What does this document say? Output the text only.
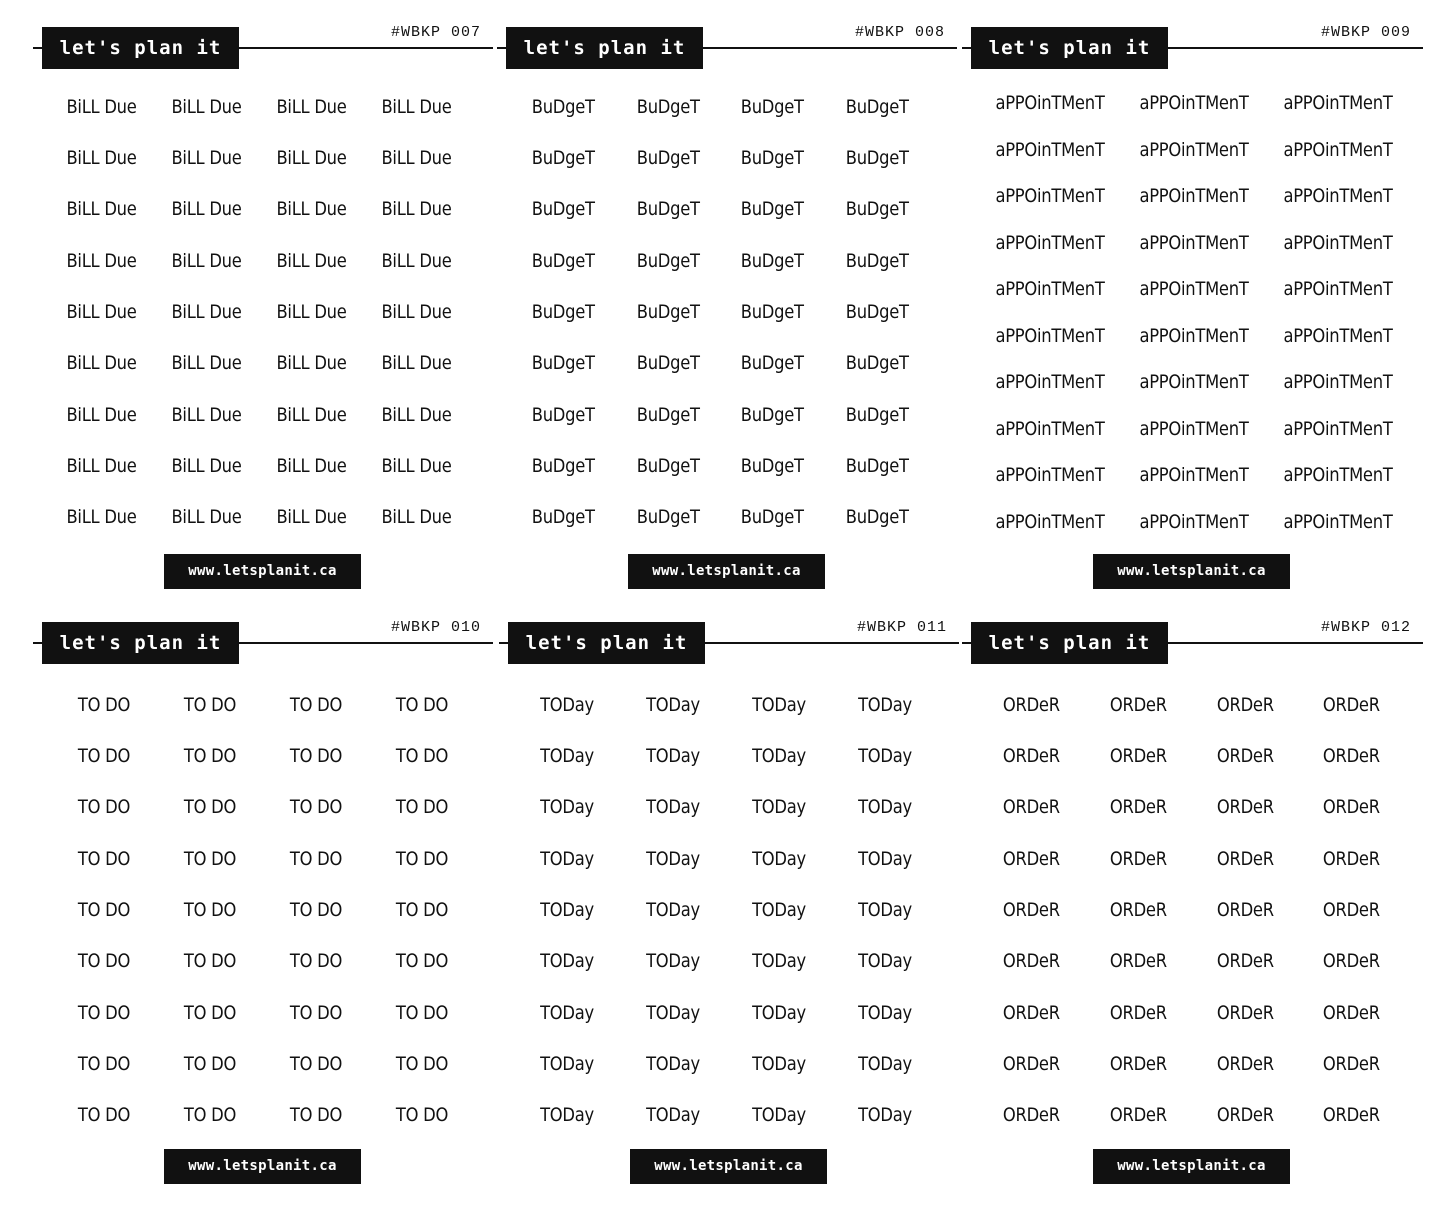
let's plan it
#WBKP 007
BiLL Due	BiLL Due	BiLL Due	BiLL Due
BiLL Due	BiLL Due	BiLL Due	BiLL Due
BiLL Due	BiLL Due	BiLL Due	BiLL Due
BiLL Due	BiLL Due	BiLL Due	BiLL Due
BiLL Due	BiLL Due	BiLL Due	BiLL Due
BiLL Due	BiLL Due	BiLL Due	BiLL Due
BiLL Due	BiLL Due	BiLL Due	BiLL Due
BiLL Due	BiLL Due	BiLL Due	BiLL Due
BiLL Due	BiLL Due	BiLL Due	BiLL Due
www.letsplanit.ca
let's plan it
#WBKP 008
BuDgeT	BuDgeT	BuDgeT	BuDgeT
BuDgeT	BuDgeT	BuDgeT	BuDgeT
BuDgeT	BuDgeT	BuDgeT	BuDgeT
BuDgeT	BuDgeT	BuDgeT	BuDgeT
BuDgeT	BuDgeT	BuDgeT	BuDgeT
BuDgeT	BuDgeT	BuDgeT	BuDgeT
BuDgeT	BuDgeT	BuDgeT	BuDgeT
BuDgeT	BuDgeT	BuDgeT	BuDgeT
BuDgeT	BuDgeT	BuDgeT	BuDgeT
www.letsplanit.ca
let's plan it
#WBKP 009
aPPOinTMenT	aPPOinTMenT	aPPOinTMenT
aPPOinTMenT	aPPOinTMenT	aPPOinTMenT
aPPOinTMenT	aPPOinTMenT	aPPOinTMenT
aPPOinTMenT	aPPOinTMenT	aPPOinTMenT
aPPOinTMenT	aPPOinTMenT	aPPOinTMenT
aPPOinTMenT	aPPOinTMenT	aPPOinTMenT
aPPOinTMenT	aPPOinTMenT	aPPOinTMenT
aPPOinTMenT	aPPOinTMenT	aPPOinTMenT
aPPOinTMenT	aPPOinTMenT	aPPOinTMenT
aPPOinTMenT	aPPOinTMenT	aPPOinTMenT
www.letsplanit.ca
let's plan it
#WBKP 010
TO DO	TO DO	TO DO	TO DO
TO DO	TO DO	TO DO	TO DO
TO DO	TO DO	TO DO	TO DO
TO DO	TO DO	TO DO	TO DO
TO DO	TO DO	TO DO	TO DO
TO DO	TO DO	TO DO	TO DO
TO DO	TO DO	TO DO	TO DO
TO DO	TO DO	TO DO	TO DO
TO DO	TO DO	TO DO	TO DO
www.letsplanit.ca
let's plan it
#WBKP 011
TODay	TODay	TODay	TODay
TODay	TODay	TODay	TODay
TODay	TODay	TODay	TODay
TODay	TODay	TODay	TODay
TODay	TODay	TODay	TODay
TODay	TODay	TODay	TODay
TODay	TODay	TODay	TODay
TODay	TODay	TODay	TODay
TODay	TODay	TODay	TODay
www.letsplanit.ca
let's plan it
#WBKP 012
ORDeR	ORDeR	ORDeR	ORDeR
ORDeR	ORDeR	ORDeR	ORDeR
ORDeR	ORDeR	ORDeR	ORDeR
ORDeR	ORDeR	ORDeR	ORDeR
ORDeR	ORDeR	ORDeR	ORDeR
ORDeR	ORDeR	ORDeR	ORDeR
ORDeR	ORDeR	ORDeR	ORDeR
ORDeR	ORDeR	ORDeR	ORDeR
ORDeR	ORDeR	ORDeR	ORDeR
www.letsplanit.ca
